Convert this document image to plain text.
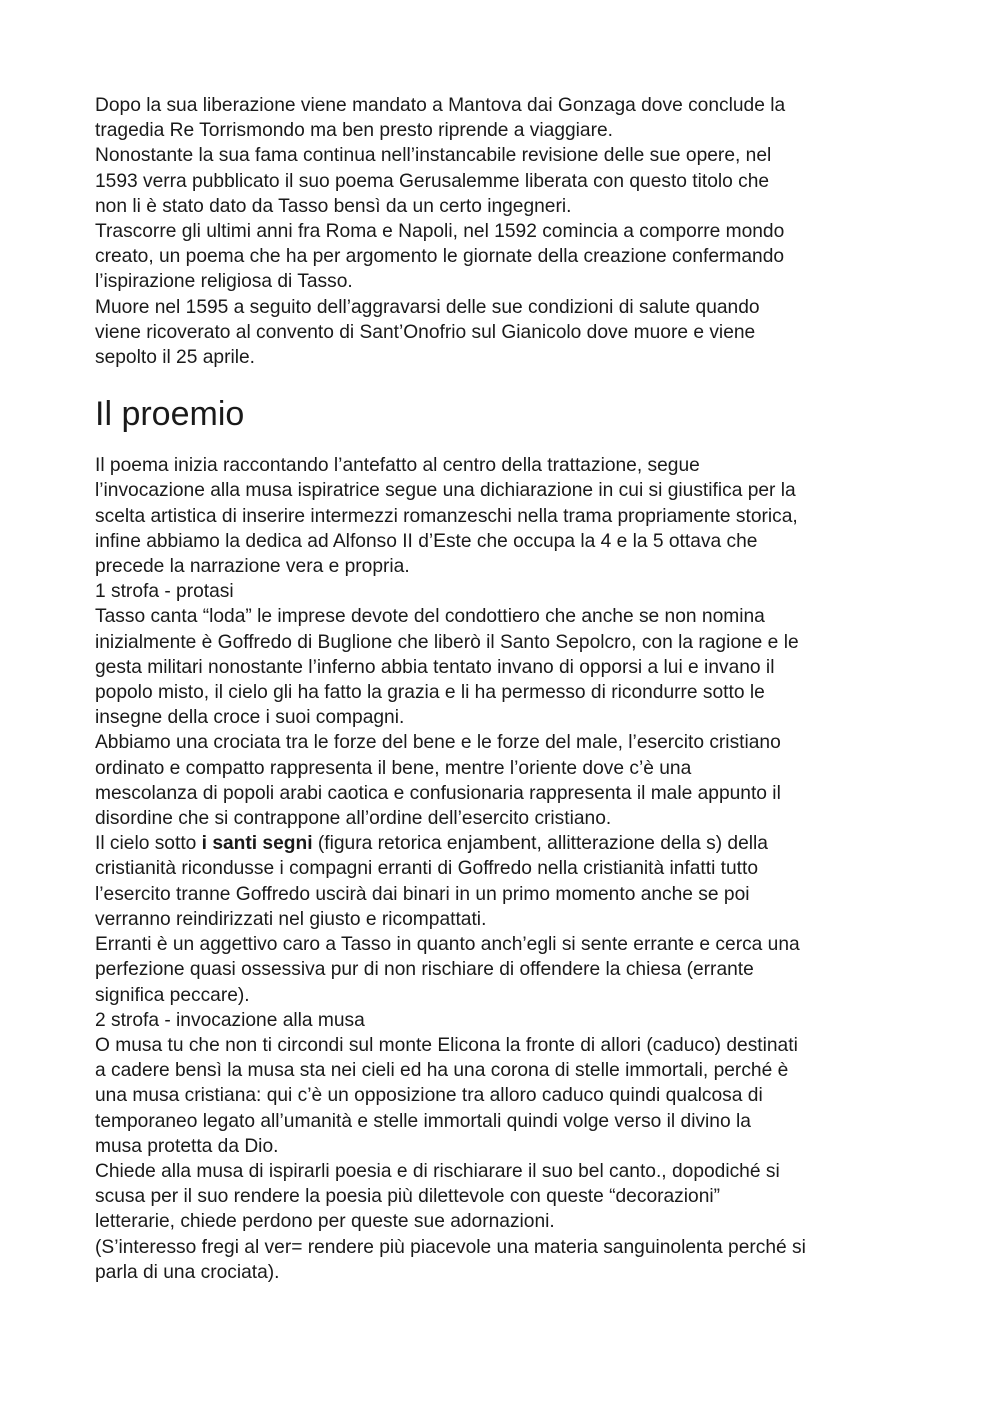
Dopo la sua liberazione viene mandato a Mantova dai Gonzaga dove conclude la
tragedia Re Torrismondo ma ben presto riprende a viaggiare.
Nonostante la sua fama continua nell’instancabile revisione delle sue opere, nel
1593 verra pubblicato il suo poema Gerusalemme liberata con questo titolo che
non li è stato dato da Tasso bensì da un certo ingegneri.
Trascorre gli ultimi anni fra Roma e Napoli, nel 1592 comincia a comporre mondo
creato, un poema che ha per argomento le giornate della creazione confermando
l’ispirazione religiosa di Tasso.
Muore nel 1595 a seguito dell’aggravarsi delle sue condizioni di salute quando
viene ricoverato al convento di Sant’Onofrio sul Gianicolo dove muore e viene
sepolto il 25 aprile.
Il proemio
Il poema inizia raccontando l’antefatto al centro della trattazione, segue
l’invocazione alla musa ispiratrice segue una dichiarazione in cui si giustifica per la
scelta artistica di inserire intermezzi romanzeschi nella trama propriamente storica,
infine abbiamo la dedica ad Alfonso II d’Este che occupa la 4 e la 5 ottava che
precede la narrazione vera e propria.
1 strofa - protasi
Tasso canta “loda” le imprese devote del condottiero che anche se non nomina
inizialmente è Goffredo di Buglione che liberò il Santo Sepolcro, con la ragione e le
gesta militari nonostante l’inferno abbia tentato invano di opporsi a lui e invano il
popolo misto, il cielo gli ha fatto la grazia e li ha permesso di ricondurre sotto le
insegne della croce i suoi compagni.
Abbiamo una crociata tra le forze del bene e le forze del male, l’esercito cristiano
ordinato e compatto rappresenta il bene, mentre l’oriente dove c’è una
mescolanza di popoli arabi caotica e confusionaria rappresenta il male appunto il
disordine che si contrappone all’ordine dell’esercito cristiano.
Il cielo sotto i santi segni (figura retorica enjambent, allitterazione della s) della
cristianità ricondusse i compagni erranti di Goffredo nella cristianità infatti tutto
l’esercito tranne Goffredo uscirà dai binari in un primo momento anche se poi
verranno reindirizzati nel giusto e ricompattati.
Erranti è un aggettivo caro a Tasso in quanto anch’egli si sente errante e cerca una
perfezione quasi ossessiva pur di non rischiare di offendere la chiesa (errante
significa peccare).
2 strofa - invocazione alla musa
O musa tu che non ti circondi sul monte Elicona la fronte di allori (caduco) destinati
a cadere bensì la musa sta nei cieli ed ha una corona di stelle immortali, perché è
una musa cristiana: qui c’è un opposizione tra alloro caduco quindi qualcosa di
temporaneo legato all’umanità e stelle immortali quindi volge verso il divino la
musa protetta da Dio.
Chiede alla musa di ispirarli poesia e di rischiarare il suo bel canto., dopodiché si
scusa per il suo rendere la poesia più dilettevole con queste “decorazioni”
letterarie, chiede perdono per queste sue adornazioni.
(S’interesso fregi al ver= rendere più piacevole una materia sanguinolenta perché si
parla di una crociata).
